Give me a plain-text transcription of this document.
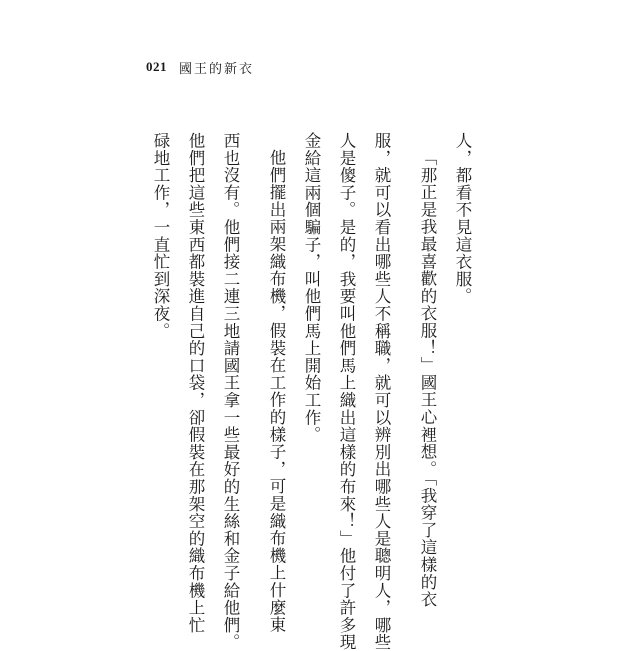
021 國王的新衣
人，都看不見這衣服。
「那正是我最喜歡的衣服！」國王心裡想。「我穿了這樣的衣
服，就可以看出哪些人不稱職，就可以辨別出哪些人是聰明人，哪些
人是傻子。是的，我要叫他們馬上織出這樣的布來！」他付了許多現
金給這兩個騙子，叫他們馬上開始工作。
他們擺出兩架織布機，假裝在工作的樣子，可是織布機上什麼東
西也沒有。他們接二連三地請國王拿一些最好的生絲和金子給他們。
他們把這些東西都裝進自己的口袋，卻假裝在那架空的織布機上忙
碌地工作，一直忙到深夜。
